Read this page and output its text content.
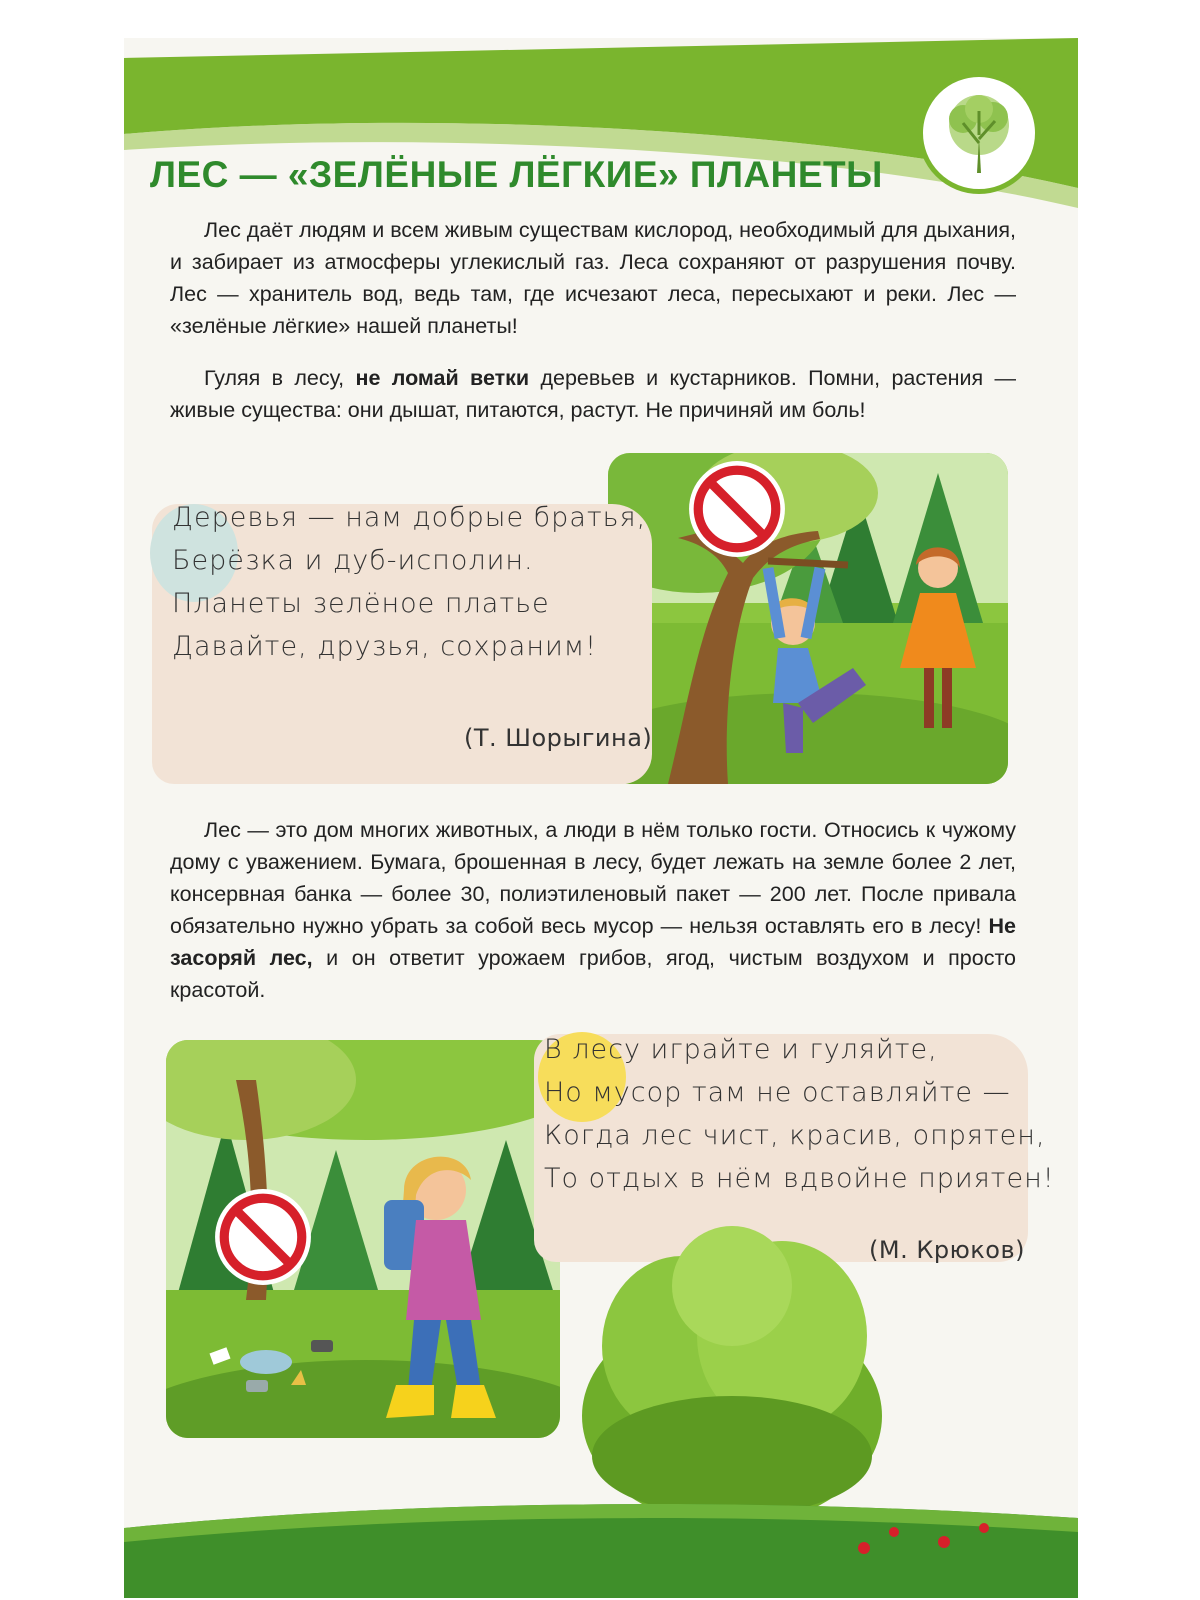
ЛЕС — «ЗЕЛЁНЫЕ ЛЁГКИЕ» ПЛАНЕТЫ

Лес даёт людям и всем живым существам кислород, необходимый для дыхания, и забирает из атмосферы углекислый газ. Леса сохраняют от разрушения почву. Лес — хранитель вод, ведь там, где исчезают леса, пересыхают и реки. Лес — «зелёные лёгкие» нашей планеты!

Гуляя в лесу, не ломай ветки деревьев и кустарников. Помни, растения — живые существа: они дышат, питаются, растут. Не причиняй им боль!

Деревья — нам добрые братья,
Берёзка и дуб-исполин.
Планеты зелёное платье
Давайте, друзья, сохраним!
(Т. Шорыгина)

Лес — это дом многих животных, а люди в нём только гости. Относись к чужому дому с уважением. Бумага, брошенная в лесу, будет лежать на земле более 2 лет, консервная банка — более 30, полиэтиленовый пакет — 200 лет. После привала обязательно нужно убрать за собой весь мусор — нельзя оставлять его в лесу! Не засоряй лес, и он ответит урожаем грибов, ягод, чистым воздухом и просто красотой.

В лесу играйте и гуляйте,
Но мусор там не оставляйте —
Когда лес чист, красив, опрятен,
То отдых в нём вдвойне приятен!
(М. Крюков)
